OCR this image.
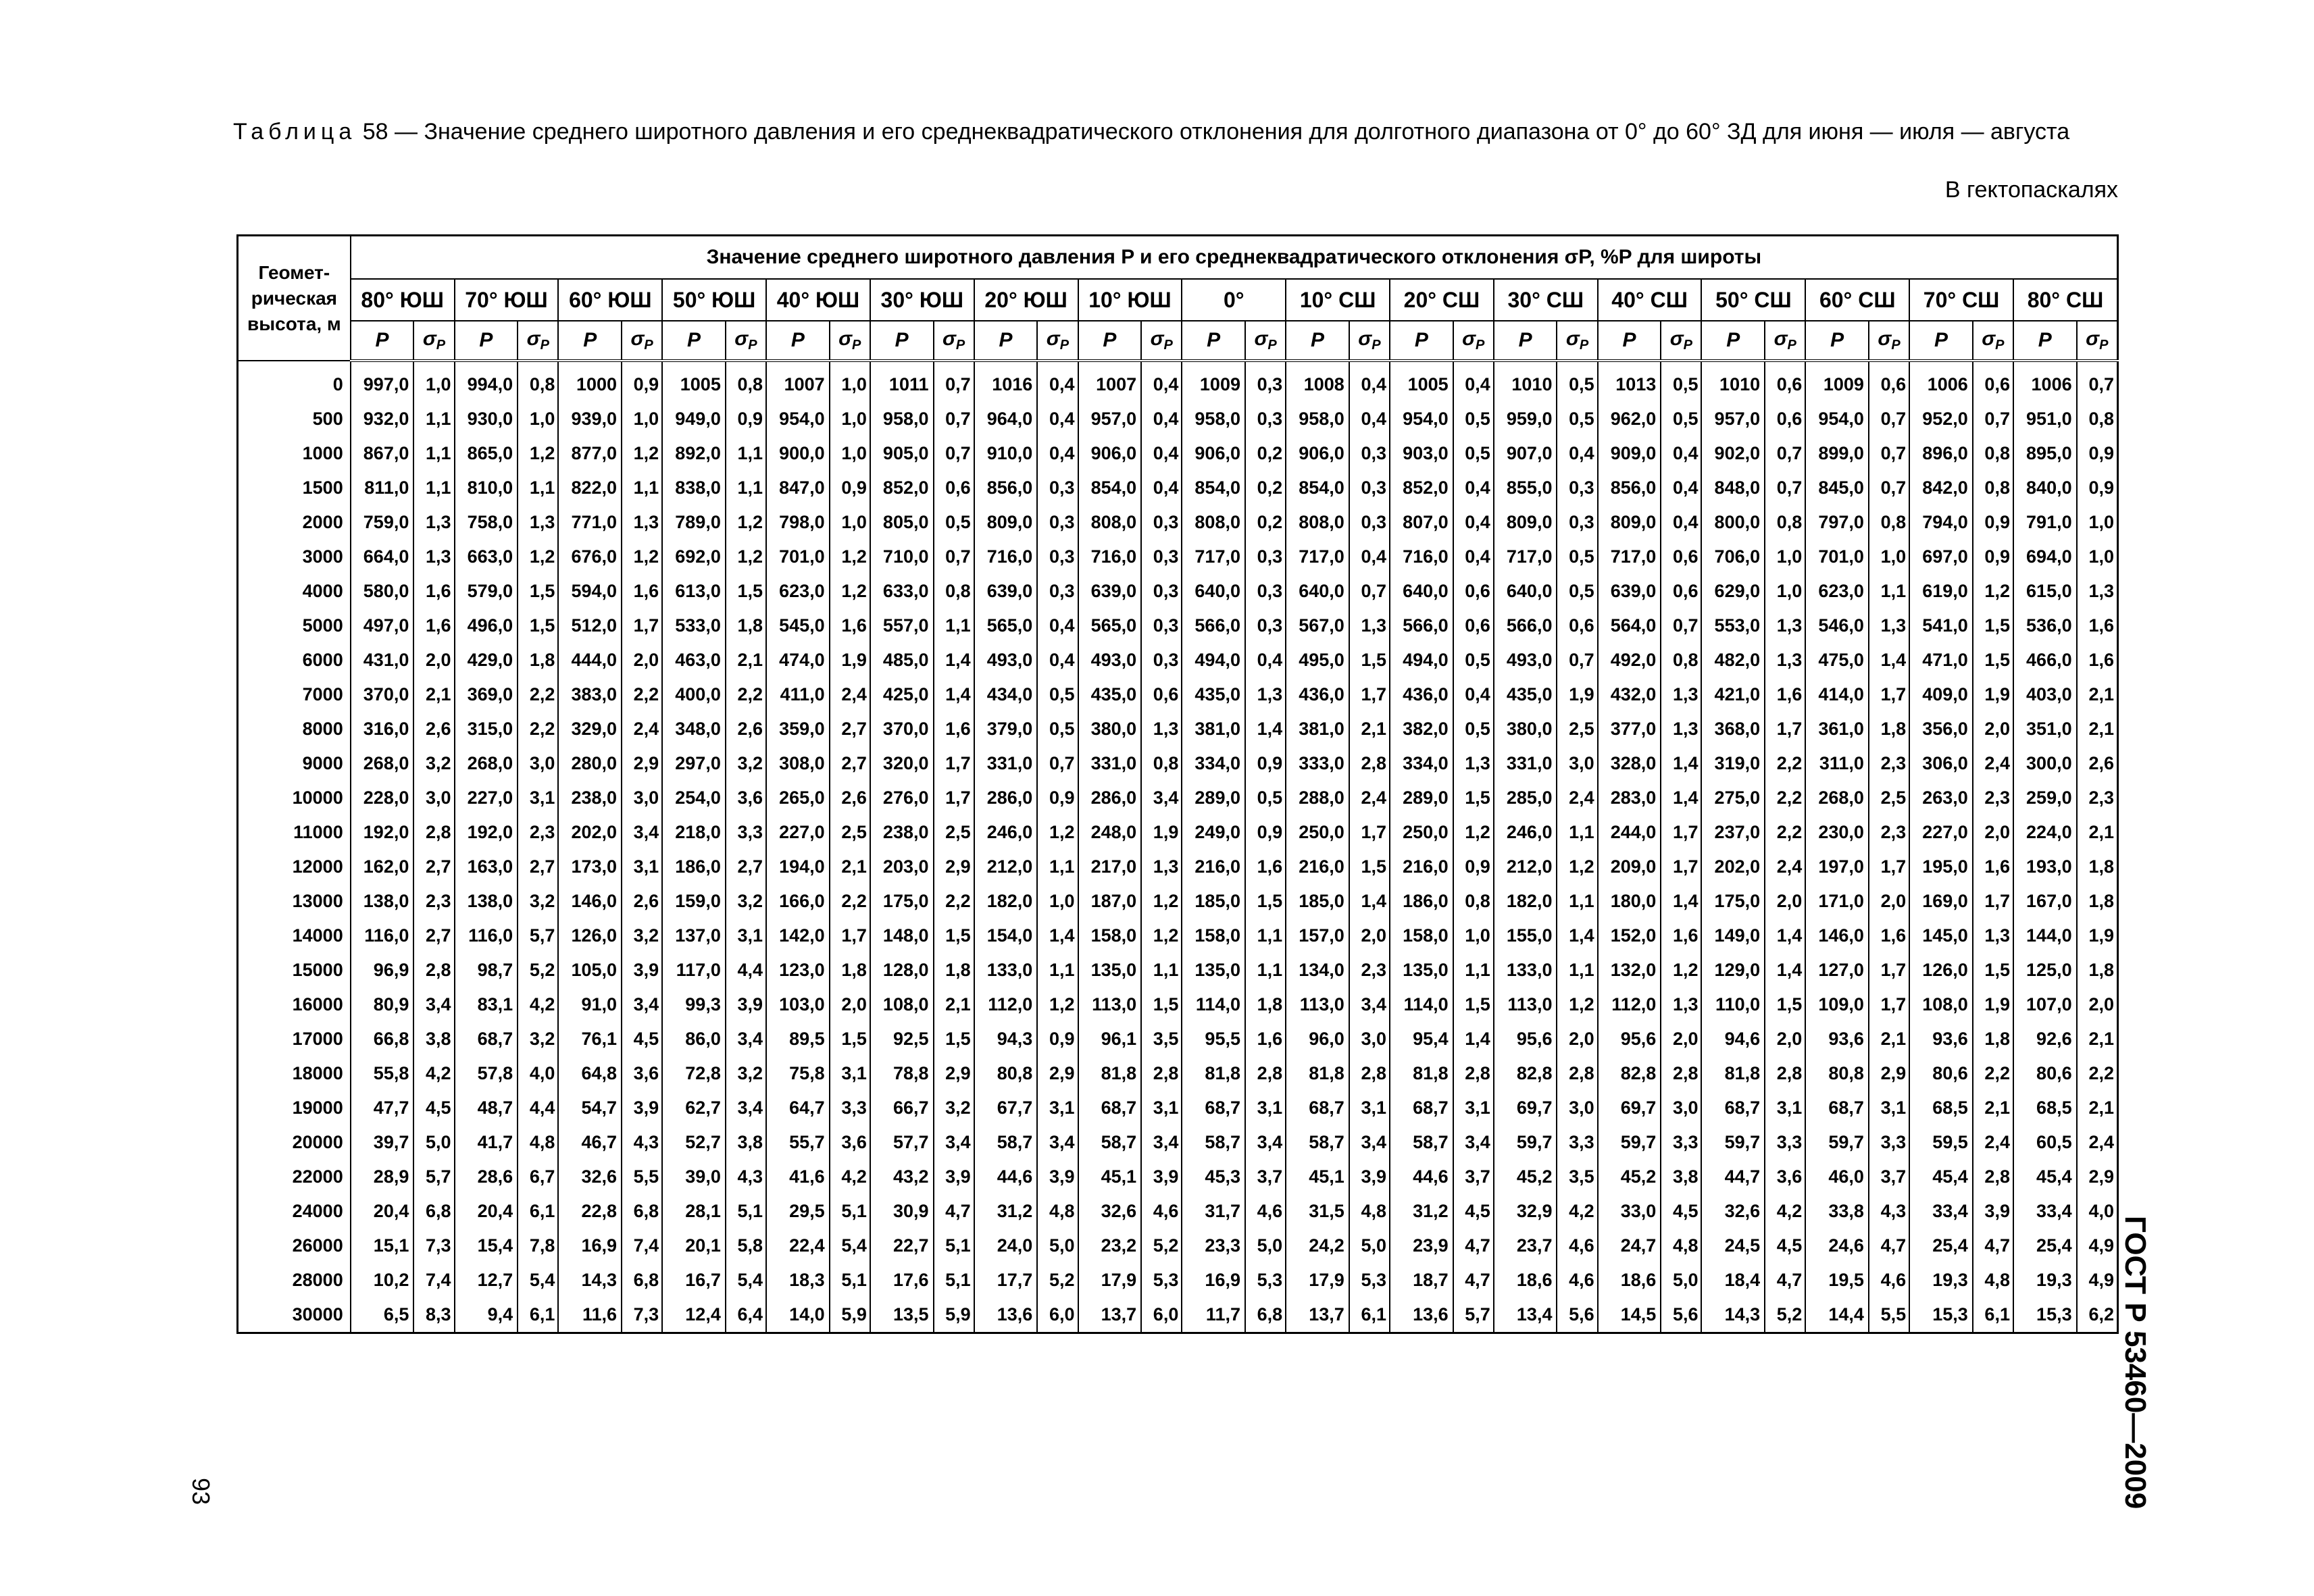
Таблица 58 — Значение среднего широтного давления и его среднеквадратического отклонения для долготного диапазона от 0° до 60° ЗД для июня — июля — августа
В гектопаскалях
Геомет- рическая высота, м	Значение среднего широтного давления P и его среднеквадратического отклонения σP, %P для широты																																	
	80° ЮШ		70° ЮШ		60° ЮШ		50° ЮШ		40° ЮШ		30° ЮШ		20° ЮШ		10° ЮШ		0°		10° СШ		20° СШ		30° СШ		40° СШ		50° СШ		60° СШ		70° СШ		80° СШ	
	P	$\sigma_P$	P	$\sigma_P$	P	$\sigma_P$	P	$\sigma_P$	P	$\sigma_P$	P	$\sigma_P$	P	$\sigma_P$	P	$\sigma_P$	P	$\sigma_P$	P	$\sigma_P$	P	$\sigma_P$	P	$\sigma_P$	P	$\sigma_P$	P	$\sigma_P$	P	$\sigma_P$	P	$\sigma_P$	P	$\sigma_P$
0	997,0	1,0	994,0	0,8	1000	0,9	1005	0,8	1007	1,0	1011	0,7	1016	0,4	1007	0,4	1009	0,3	1008	0,4	1005	0,4	1010	0,5	1013	0,5	1010	0,6	1009	0,6	1006	0,6	1006	0,7
500	932,0	1,1	930,0	1,0	939,0	1,0	949,0	0,9	954,0	1,0	958,0	0,7	964,0	0,4	957,0	0,4	958,0	0,3	958,0	0,4	954,0	0,5	959,0	0,5	962,0	0,5	957,0	0,6	954,0	0,7	952,0	0,7	951,0	0,8
1000	867,0	1,1	865,0	1,2	877,0	1,2	892,0	1,1	900,0	1,0	905,0	0,7	910,0	0,4	906,0	0,4	906,0	0,2	906,0	0,3	903,0	0,5	907,0	0,4	909,0	0,4	902,0	0,7	899,0	0,7	896,0	0,8	895,0	0,9
1500	811,0	1,1	810,0	1,1	822,0	1,1	838,0	1,1	847,0	0,9	852,0	0,6	856,0	0,3	854,0	0,4	854,0	0,2	854,0	0,3	852,0	0,4	855,0	0,3	856,0	0,4	848,0	0,7	845,0	0,7	842,0	0,8	840,0	0,9
2000	759,0	1,3	758,0	1,3	771,0	1,3	789,0	1,2	798,0	1,0	805,0	0,5	809,0	0,3	808,0	0,3	808,0	0,2	808,0	0,3	807,0	0,4	809,0	0,3	809,0	0,4	800,0	0,8	797,0	0,8	794,0	0,9	791,0	1,0
3000	664,0	1,3	663,0	1,2	676,0	1,2	692,0	1,2	701,0	1,2	710,0	0,7	716,0	0,3	716,0	0,3	717,0	0,3	717,0	0,4	716,0	0,4	717,0	0,5	717,0	0,6	706,0	1,0	701,0	1,0	697,0	0,9	694,0	1,0
4000	580,0	1,6	579,0	1,5	594,0	1,6	613,0	1,5	623,0	1,2	633,0	0,8	639,0	0,3	639,0	0,3	640,0	0,3	640,0	0,7	640,0	0,6	640,0	0,5	639,0	0,6	629,0	1,0	623,0	1,1	619,0	1,2	615,0	1,3
5000	497,0	1,6	496,0	1,5	512,0	1,7	533,0	1,8	545,0	1,6	557,0	1,1	565,0	0,4	565,0	0,3	566,0	0,3	567,0	1,3	566,0	0,6	566,0	0,6	564,0	0,7	553,0	1,3	546,0	1,3	541,0	1,5	536,0	1,6
6000	431,0	2,0	429,0	1,8	444,0	2,0	463,0	2,1	474,0	1,9	485,0	1,4	493,0	0,4	493,0	0,3	494,0	0,4	495,0	1,5	494,0	0,5	493,0	0,7	492,0	0,8	482,0	1,3	475,0	1,4	471,0	1,5	466,0	1,6
7000	370,0	2,1	369,0	2,2	383,0	2,2	400,0	2,2	411,0	2,4	425,0	1,4	434,0	0,5	435,0	0,6	435,0	1,3	436,0	1,7	436,0	0,4	435,0	1,9	432,0	1,3	421,0	1,6	414,0	1,7	409,0	1,9	403,0	2,1
8000	316,0	2,6	315,0	2,2	329,0	2,4	348,0	2,6	359,0	2,7	370,0	1,6	379,0	0,5	380,0	1,3	381,0	1,4	381,0	2,1	382,0	0,5	380,0	2,5	377,0	1,3	368,0	1,7	361,0	1,8	356,0	2,0	351,0	2,1
9000	268,0	3,2	268,0	3,0	280,0	2,9	297,0	3,2	308,0	2,7	320,0	1,7	331,0	0,7	331,0	0,8	334,0	0,9	333,0	2,8	334,0	1,3	331,0	3,0	328,0	1,4	319,0	2,2	311,0	2,3	306,0	2,4	300,0	2,6
10000	228,0	3,0	227,0	3,1	238,0	3,0	254,0	3,6	265,0	2,6	276,0	1,7	286,0	0,9	286,0	3,4	289,0	0,5	288,0	2,4	289,0	1,5	285,0	2,4	283,0	1,4	275,0	2,2	268,0	2,5	263,0	2,3	259,0	2,3
11000	192,0	2,8	192,0	2,3	202,0	3,4	218,0	3,3	227,0	2,5	238,0	2,5	246,0	1,2	248,0	1,9	249,0	0,9	250,0	1,7	250,0	1,2	246,0	1,1	244,0	1,7	237,0	2,2	230,0	2,3	227,0	2,0	224,0	2,1
12000	162,0	2,7	163,0	2,7	173,0	3,1	186,0	2,7	194,0	2,1	203,0	2,9	212,0	1,1	217,0	1,3	216,0	1,6	216,0	1,5	216,0	0,9	212,0	1,2	209,0	1,7	202,0	2,4	197,0	1,7	195,0	1,6	193,0	1,8
13000	138,0	2,3	138,0	3,2	146,0	2,6	159,0	3,2	166,0	2,2	175,0	2,2	182,0	1,0	187,0	1,2	185,0	1,5	185,0	1,4	186,0	0,8	182,0	1,1	180,0	1,4	175,0	2,0	171,0	2,0	169,0	1,7	167,0	1,8
14000	116,0	2,7	116,0	5,7	126,0	3,2	137,0	3,1	142,0	1,7	148,0	1,5	154,0	1,4	158,0	1,2	158,0	1,1	157,0	2,0	158,0	1,0	155,0	1,4	152,0	1,6	149,0	1,4	146,0	1,6	145,0	1,3	144,0	1,9
15000	96,9	2,8	98,7	5,2	105,0	3,9	117,0	4,4	123,0	1,8	128,0	1,8	133,0	1,1	135,0	1,1	135,0	1,1	134,0	2,3	135,0	1,1	133,0	1,1	132,0	1,2	129,0	1,4	127,0	1,7	126,0	1,5	125,0	1,8
16000	80,9	3,4	83,1	4,2	91,0	3,4	99,3	3,9	103,0	2,0	108,0	2,1	112,0	1,2	113,0	1,5	114,0	1,8	113,0	3,4	114,0	1,5	113,0	1,2	112,0	1,3	110,0	1,5	109,0	1,7	108,0	1,9	107,0	2,0
17000	66,8	3,8	68,7	3,2	76,1	4,5	86,0	3,4	89,5	1,5	92,5	1,5	94,3	0,9	96,1	3,5	95,5	1,6	96,0	3,0	95,4	1,4	95,6	2,0	95,6	2,0	94,6	2,0	93,6	2,1	93,6	1,8	92,6	2,1
18000	55,8	4,2	57,8	4,0	64,8	3,6	72,8	3,2	75,8	3,1	78,8	2,9	80,8	2,9	81,8	2,8	81,8	2,8	81,8	2,8	81,8	2,8	82,8	2,8	82,8	2,8	81,8	2,8	80,8	2,9	80,6	2,2	80,6	2,2
19000	47,7	4,5	48,7	4,4	54,7	3,9	62,7	3,4	64,7	3,3	66,7	3,2	67,7	3,1	68,7	3,1	68,7	3,1	68,7	3,1	68,7	3,1	69,7	3,0	69,7	3,0	68,7	3,1	68,7	3,1	68,5	2,1	68,5	2,1
20000	39,7	5,0	41,7	4,8	46,7	4,3	52,7	3,8	55,7	3,6	57,7	3,4	58,7	3,4	58,7	3,4	58,7	3,4	58,7	3,4	58,7	3,4	59,7	3,3	59,7	3,3	59,7	3,3	59,7	3,3	59,5	2,4	60,5	2,4
22000	28,9	5,7	28,6	6,7	32,6	5,5	39,0	4,3	41,6	4,2	43,2	3,9	44,6	3,9	45,1	3,9	45,3	3,7	45,1	3,9	44,6	3,7	45,2	3,5	45,2	3,8	44,7	3,6	46,0	3,7	45,4	2,8	45,4	2,9
24000	20,4	6,8	20,4	6,1	22,8	6,8	28,1	5,1	29,5	5,1	30,9	4,7	31,2	4,8	32,6	4,6	31,7	4,6	31,5	4,8	31,2	4,5	32,9	4,2	33,0	4,5	32,6	4,2	33,8	4,3	33,4	3,9	33,4	4,0
26000	15,1	7,3	15,4	7,8	16,9	7,4	20,1	5,8	22,4	5,4	22,7	5,1	24,0	5,0	23,2	5,2	23,3	5,0	24,2	5,0	23,9	4,7	23,7	4,6	24,7	4,8	24,5	4,5	24,6	4,7	25,4	4,7	25,4	4,9
28000	10,2	7,4	12,7	5,4	14,3	6,8	16,7	5,4	18,3	5,1	17,6	5,1	17,7	5,2	17,9	5,3	16,9	5,3	17,9	5,3	18,7	4,7	18,6	4,6	18,6	5,0	18,4	4,7	19,5	4,6	19,3	4,8	19,3	4,9
30000	6,5	8,3	9,4	6,1	11,6	7,3	12,4	6,4	14,0	5,9	13,5	5,9	13,6	6,0	13,7	6,0	11,7	6,8	13,7	6,1	13,6	5,7	13,4	5,6	14,5	5,6	14,3	5,2	14,4	5,5	15,3	6,1	15,3	6,2 ГОСТ Р 53460—2009
93
